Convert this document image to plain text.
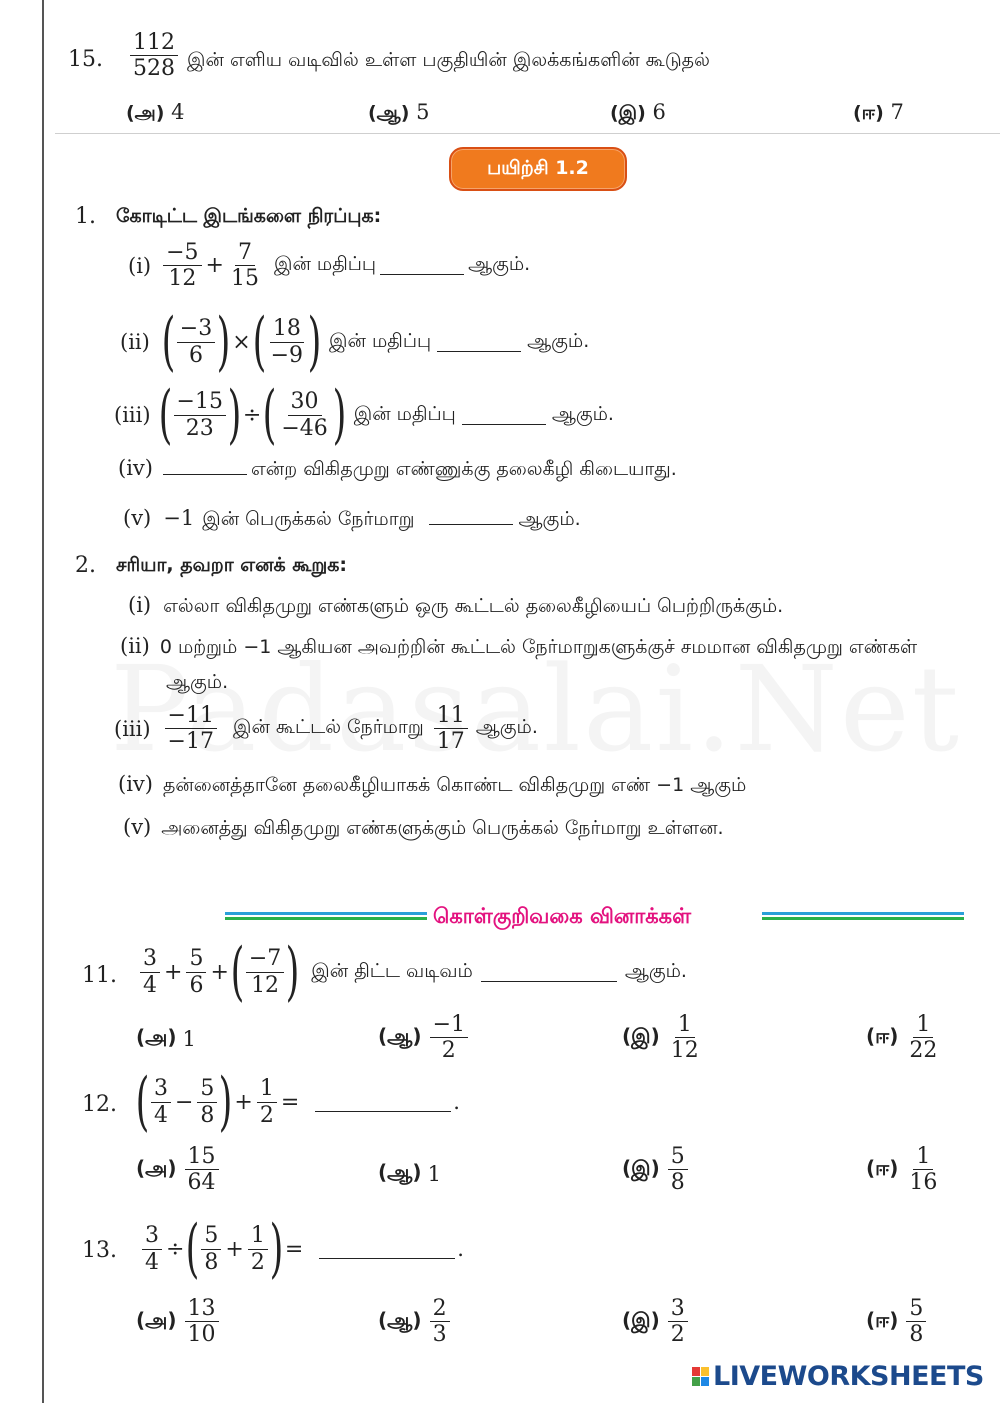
15. $\frac{112}{528}$ இன் எளிய வடிவில் உள்ள பகுதியின் இலக்கங்களின் கூடுதல்
(அ) 4	(ஆ) 5	(இ) 6	(ஈ) 7
பயிற்சி 1.2
1. கோடிட்ட இடங்களை நிரப்புக:
(i)
−5
12
+ $\frac{7}{15}$ இன் மதிப்பு	ஆகும்.
(ii) ( −3
6 ) × ( 18
−9 ) இன் மதிப்பு	ஆகும்.
(iii) ( −15
23 ) ÷ ( 30
−46 ) இன் மதிப்பு	ஆகும்.
(iv)	என்ற விகிதமுறு எண்ணுக்கு தலைகீழி கிடையாது.
(v) −1 இன் பெருக்கல் நேர்மாறு	ஆகும்.
2. சரியா, தவறா எனக் கூறுக:
(i) எல்லா விகிதமுறு எண்களும் ஒரு கூட்டல் தலைகீழியைப் பெற்றிருக்கும்.
(ii) 0 மற்றும் −1 ஆகியன அவற்றின் கூட்டல் நேர்மாறுகளுக்குச் சமமான விகிதமுறு எண்கள்
ஆகும்.
(iii)
−11
−17
இன் கூட்டல் நேர்மாறு 11
17
ஆகும்.
(iv) தன்னைத்தானே தலைகீழியாகக் கொண்ட விகிதமுறு எண் −1 ஆகும்
(v) அனைத்து விகிதமுறு எண்களுக்கும் பெருக்கல் நேர்மாறு உள்ளன.
கொள்குறிவகை வினாக்கள்
11.
3
4
+ $\frac{5}{6}$ + ( −7
12 ) இன் திட்ட வடிவம்	ஆகும்.
(அ) 1	(ஆ) −1
2
(இ) 1
12
(ஈ) 1
22
12. ( 3
4
− $\frac{5}{8}$ ) + $\frac{1}{2}$ =	.
(அ) 15
64	(ஆ) 1	(இ) 5
8
(ஈ) 1
16
13. $\frac{3}{4}$ ÷ ( 5
8
+ $\frac{1}{2}$ ) =	.
(அ) 13
10
(ஆ) 2
3
(இ) 3
2
(ஈ) 5
8
LIVEWORKSHEETS
